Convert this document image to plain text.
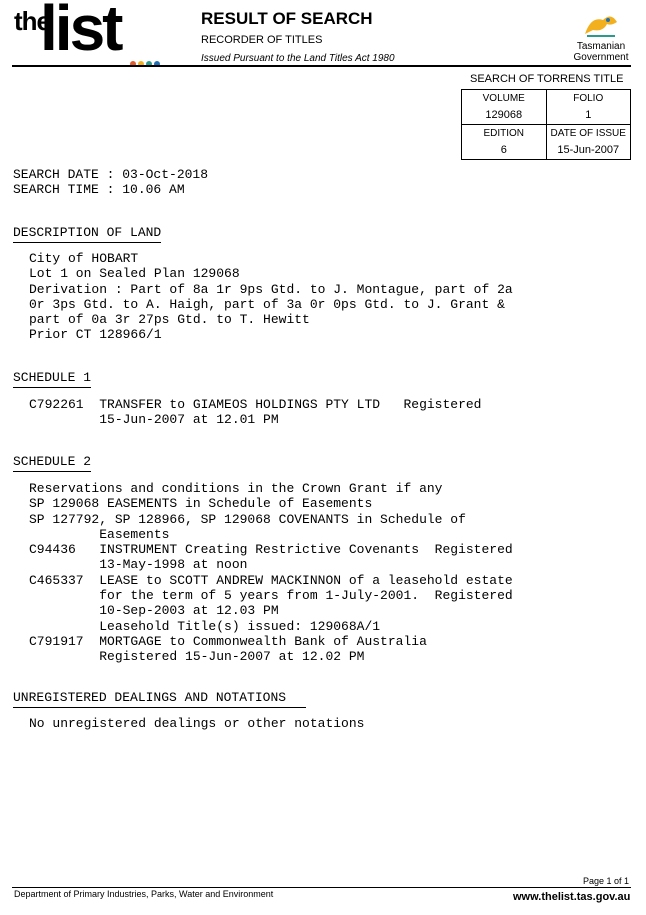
the
list	RESULT OF SEARCH
RECORDER OF TITLES
Issued Pursuant to the Land Titles Act 1980
Tasmanian
Government
SEARCH OF TORRENS TITLE
VOLUME	FOLIO
129068	1
EDITION	DATE OF ISSUE
6	15-Jun-2007
SEARCH DATE : 03-Oct-2018
SEARCH TIME : 10.06 AM
DESCRIPTION OF LAND
City of HOBART
Lot 1 on Sealed Plan 129068
Derivation : Part of 8a 1r 9ps Gtd. to J. Montague, part of 2a
0r 3ps Gtd. to A. Haigh, part of 3a 0r 0ps Gtd. to J. Grant &
part of 0a 3r 27ps Gtd. to T. Hewitt
Prior CT 128966/1
SCHEDULE 1
C792261  TRANSFER to GIAMEOS HOLDINGS PTY LTD   Registered
15-Jun-2007 at 12.01 PM
SCHEDULE 2
Reservations and conditions in the Crown Grant if any
SP 129068 EASEMENTS in Schedule of Easements
SP 127792, SP 128966, SP 129068 COVENANTS in Schedule of
Easements
C94436   INSTRUMENT Creating Restrictive Covenants  Registered
13-May-1998 at noon
C465337  LEASE to SCOTT ANDREW MACKINNON of a leasehold estate
for the term of 5 years from 1-July-2001.  Registered
10-Sep-2003 at 12.03 PM
Leasehold Title(s) issued: 129068A/1
C791917  MORTGAGE to Commonwealth Bank of Australia
Registered 15-Jun-2007 at 12.02 PM
UNREGISTERED DEALINGS AND NOTATIONS
No unregistered dealings or other notations
Page 1 of 1
Department of Primary Industries, Parks, Water and Environment	www.thelist.tas.gov.au
